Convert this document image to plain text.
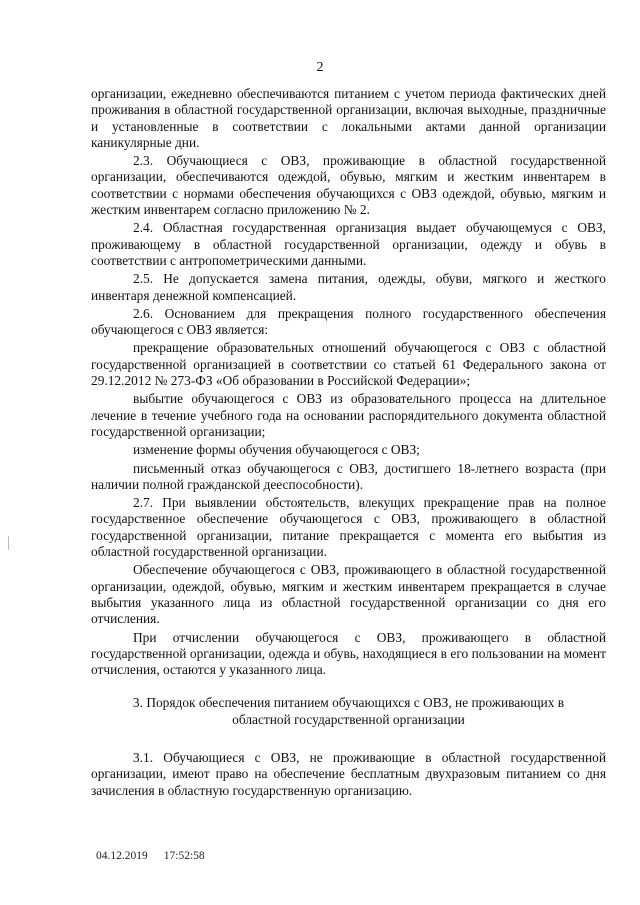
2

организации, ежедневно обеспечиваются питанием с учетом периода фактических дней проживания в областной государственной организации, включая выходные, праздничные и установленные в соответствии с локальными актами данной организации каникулярные дни.

2.3. Обучающиеся с ОВЗ, проживающие в областной государственной организации, обеспечиваются одеждой, обувью, мягким и жестким инвентарем в соответствии с нормами обеспечения обучающихся с ОВЗ одеждой, обувью, мягким и жестким инвентарем согласно приложению № 2.

2.4. Областная государственная организация выдает обучающемуся с ОВЗ, проживающему в областной государственной организации, одежду и обувь в соответствии с антропометрическими данными.

2.5. Не допускается замена питания, одежды, обуви, мягкого и жесткого инвентаря денежной компенсацией.

2.6. Основанием для прекращения полного государственного обеспечения обучающегося с ОВЗ является:

прекращение образовательных отношений обучающегося с ОВЗ с областной государственной организацией в соответствии со статьей 61 Федерального закона от 29.12.2012 № 273-ФЗ «Об образовании в Российской Федерации»;

выбытие обучающегося с ОВЗ из образовательного процесса на длительное лечение в течение учебного года на основании распорядительного документа областной государственной организации;

изменение формы обучения обучающегося с ОВЗ;

письменный отказ обучающегося с ОВЗ, достигшего 18-летнего возраста (при наличии полной гражданской дееспособности).

2.7. При выявлении обстоятельств, влекущих прекращение прав на полное государственное обеспечение обучающегося с ОВЗ, проживающего в областной государственной организации, питание прекращается с момента его выбытия из областной государственной организации.

Обеспечение обучающегося с ОВЗ, проживающего в областной государственной организации, одеждой, обувью, мягким и жестким инвентарем прекращается в случае выбытия указанного лица из областной государственной организации со дня его отчисления.

При отчислении обучающегося с ОВЗ, проживающего в областной государственной организации, одежда и обувь, находящиеся в его пользовании на момент отчисления, остаются у указанного лица.

3. Порядок обеспечения питанием обучающихся с ОВЗ, не проживающих в
областной государственной организации

3.1. Обучающиеся с ОВЗ, не проживающие в областной государственной организации, имеют право на обеспечение бесплатным двухразовым питанием со дня зачисления в областную государственную организацию.

04.12.2019 17:52:58
